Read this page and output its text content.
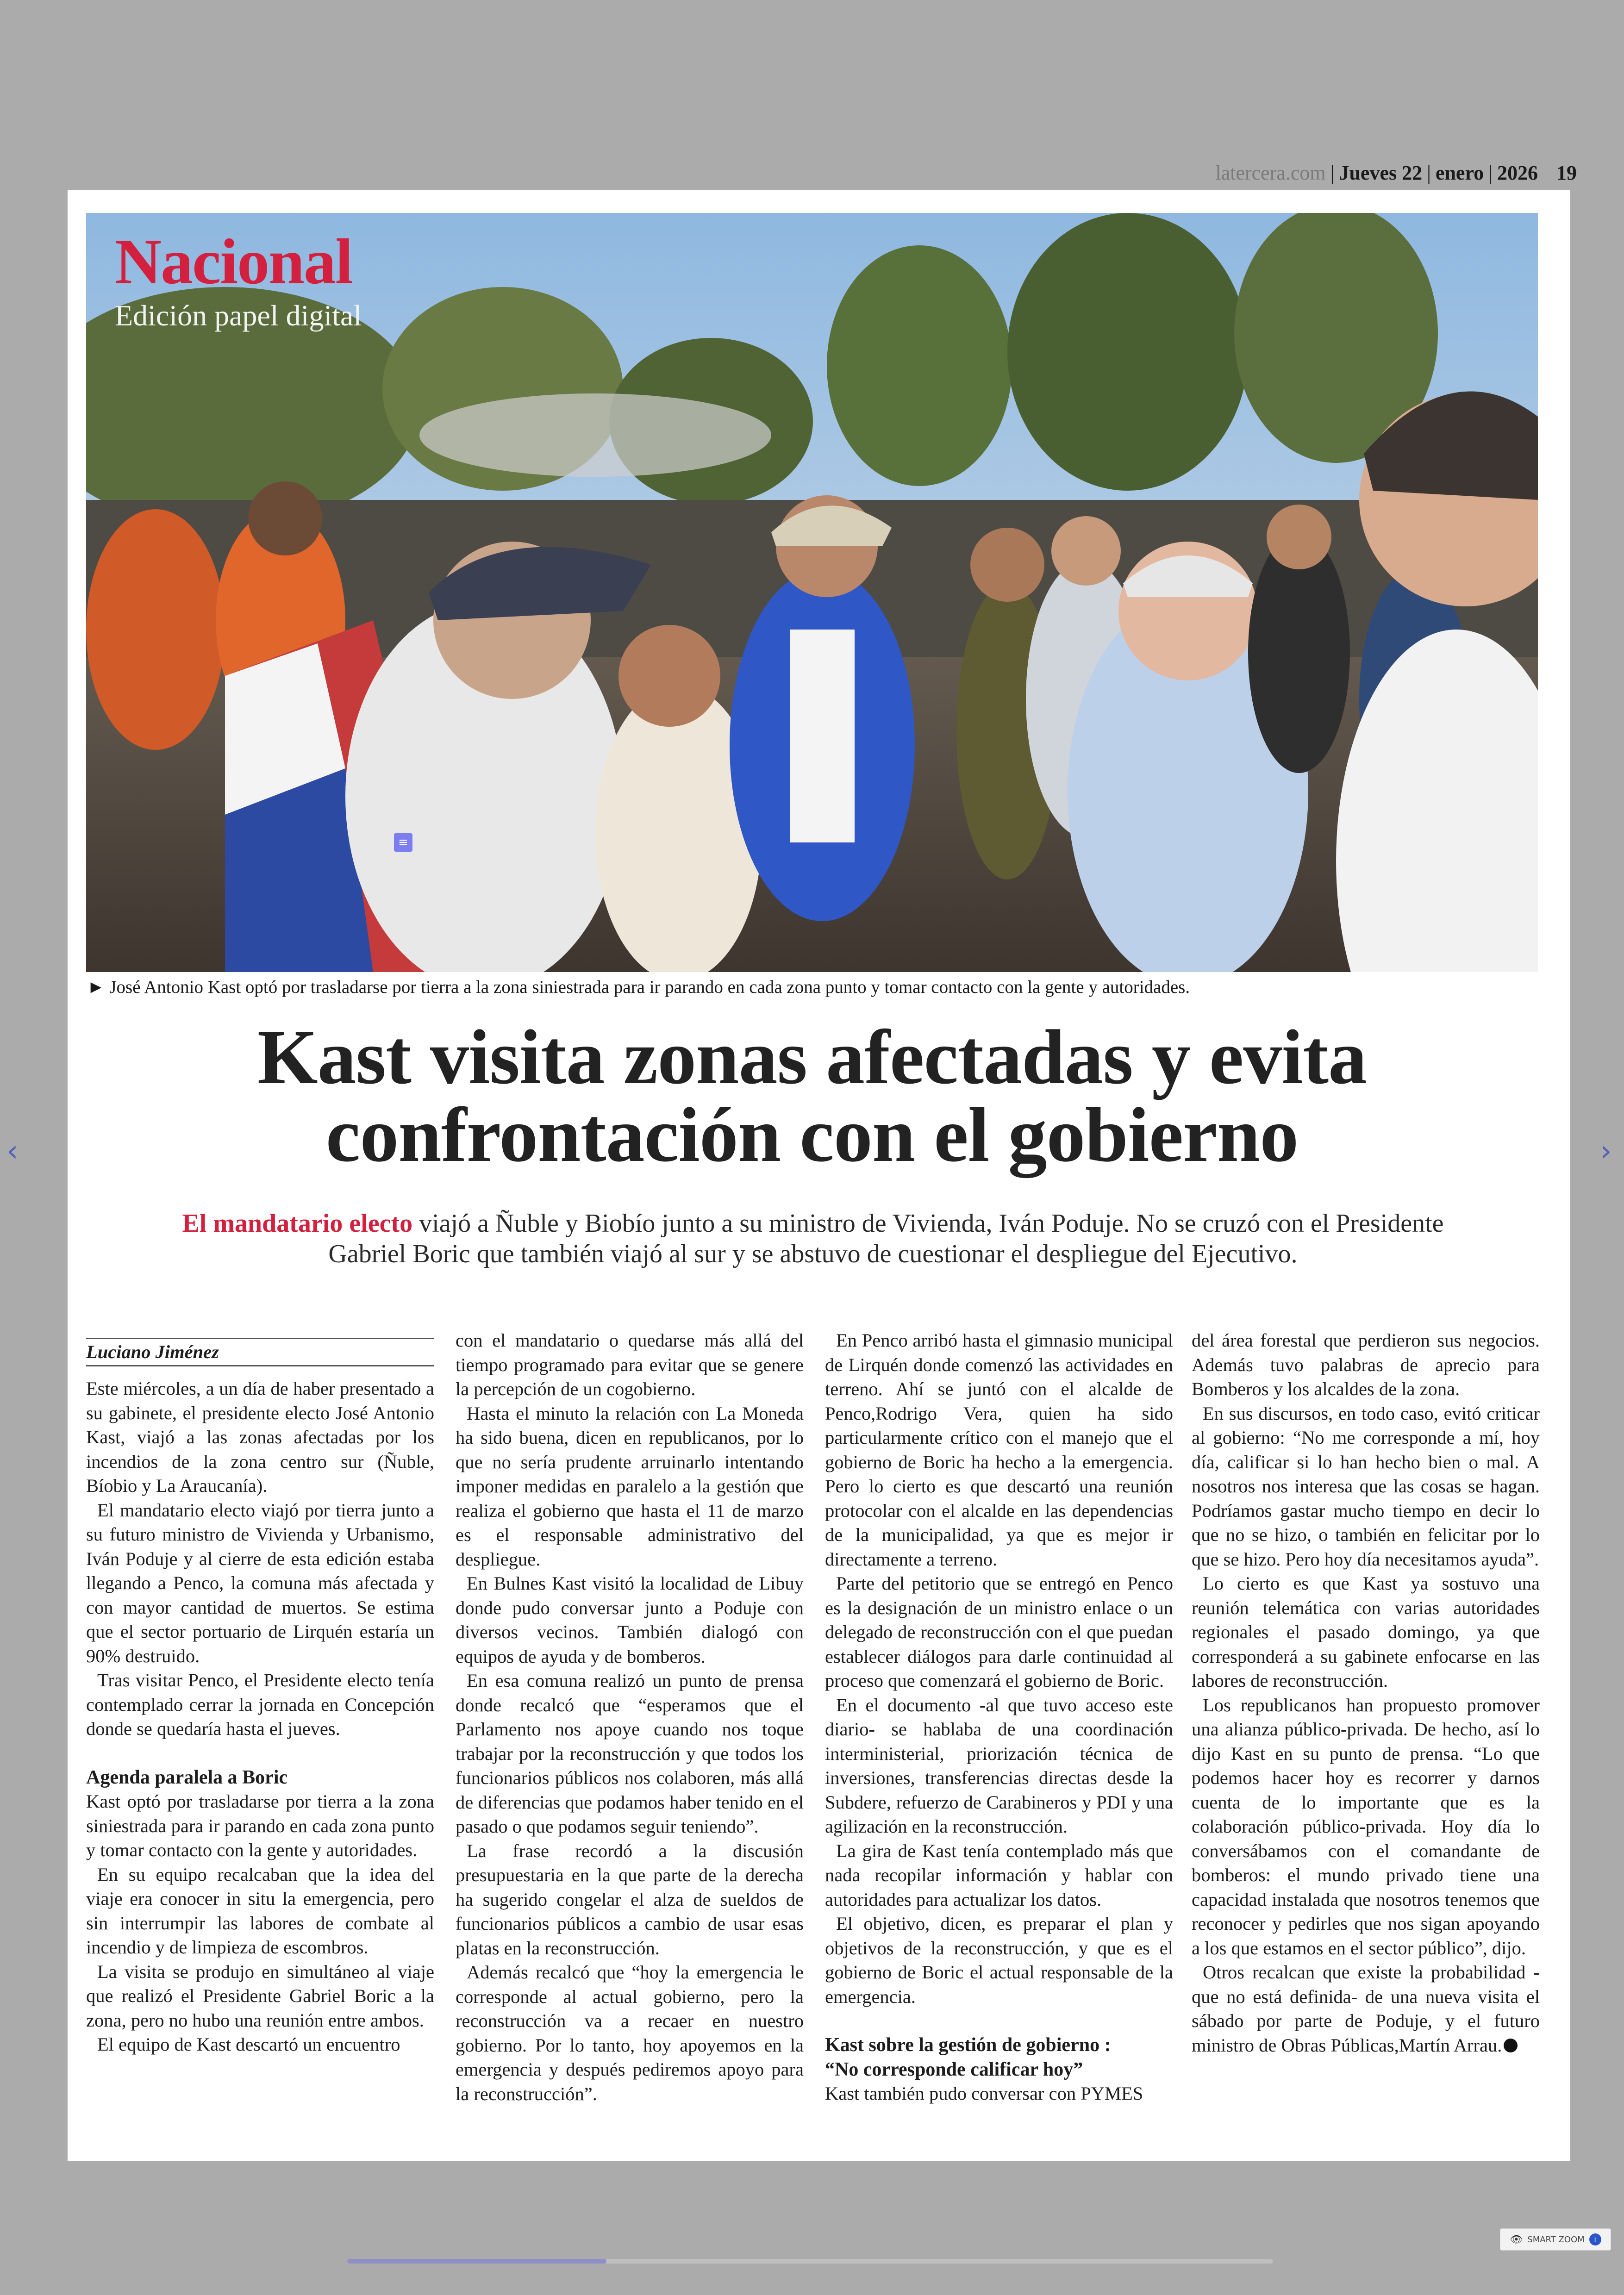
latercera.com | Jueves 22 | enero | 2026 19
‹	›
Nacional
Edición papel digital
≡
► José Antonio Kast optó por trasladarse por tierra a la zona siniestrada para ir parando en cada zona punto y tomar contacto con la gente y autoridades.
Kast visita zonas afectadas y evita
confrontación con el gobierno
El mandatario electo viajó a Ñuble y Biobío junto a su ministro de Vivienda, Iván Poduje. No se cruzó con el Presidente Gabriel Boric que también viajó al sur y se abstuvo de cuestionar el despliegue del Ejecutivo.
Luciano Jiménez

Este miércoles, a un día de haber presentado a su gabinete, el presidente electo José Antonio Kast, viajó a las zonas afectadas por los incendios de la zona centro sur (Ñuble, Bíobio y La Araucanía).

El mandatario electo viajó por tierra junto a su futuro ministro de Vivienda y Urbanismo, Iván Poduje y al cierre de esta edición estaba llegando a Penco, la comuna más afectada y con mayor cantidad de muertos. Se estima que el sector portuario de Lirquén estaría un 90% destruido.

Tras visitar Penco, el Presidente electo tenía contemplado cerrar la jornada en Concepción donde se quedaría hasta el jueves.

Agenda paralela a Boric

Kast optó por trasladarse por tierra a la zona siniestrada para ir parando en cada zona punto y tomar contacto con la gente y autoridades.

En su equipo recalcaban que la idea del viaje era conocer in situ la emergencia, pero sin interrumpir las labores de combate al incendio y de limpieza de escombros.

La visita se produjo en simultáneo al viaje que realizó el Presidente Gabriel Boric a la zona, pero no hubo una reunión entre ambos.

El equipo de Kast descartó un encuentro

con el mandatario o quedarse más allá del tiempo programado para evitar que se genere la percepción de un cogobierno.

Hasta el minuto la relación con La Moneda ha sido buena, dicen en republicanos, por lo que no sería prudente arruinarlo intentando imponer medidas en paralelo a la gestión que realiza el gobierno que hasta el 11 de marzo es el responsable administrativo del despliegue.

En Bulnes Kast visitó la localidad de Libuy donde pudo conversar junto a Poduje con diversos vecinos. También dialogó con equipos de ayuda y de bomberos.

En esa comuna realizó un punto de prensa donde recalcó que “esperamos que el Parlamento nos apoye cuando nos toque trabajar por la reconstrucción y que todos los funcionarios públicos nos colaboren, más allá de diferencias que podamos haber tenido en el pasado o que podamos seguir teniendo”.

La frase recordó a la discusión presupuestaria en la que parte de la derecha ha sugerido congelar el alza de sueldos de funcionarios públicos a cambio de usar esas platas en la reconstrucción.

Además recalcó que “hoy la emergencia le corresponde al actual gobierno, pero la reconstrucción va a recaer en nuestro gobierno. Por lo tanto, hoy apoyemos en la emergencia y después pediremos apoyo para la reconstrucción”.

En Penco arribó hasta el gimnasio municipal de Lirquén donde comenzó las actividades en terreno. Ahí se juntó con el alcalde de Penco,Rodrigo Vera, quien ha sido particularmente crítico con el manejo que el gobierno de Boric ha hecho a la emergencia. Pero lo cierto es que descartó una reunión protocolar con el alcalde en las dependencias de la municipalidad, ya que es mejor ir directamente a terreno.

Parte del petitorio que se entregó en Penco es la designación de un ministro enlace o un delegado de reconstrucción con el que puedan establecer diálogos para darle continuidad al proceso que comenzará el gobierno de Boric.

En el documento -al que tuvo acceso este diario- se hablaba de una coordinación interministerial, priorización técnica de inversiones, transferencias directas desde la Subdere, refuerzo de Carabineros y PDI y una agilización en la reconstrucción.

La gira de Kast tenía contemplado más que nada recopilar información y hablar con autoridades para actualizar los datos.

El objetivo, dicen, es preparar el plan y objetivos de la reconstrucción, y que es el gobierno de Boric el actual responsable de la emergencia.

Kast sobre la gestión de gobierno :
“No corresponde calificar hoy”

Kast también pudo conversar con PYMES

del área forestal que perdieron sus negocios. Además tuvo palabras de aprecio para Bomberos y los alcaldes de la zona.

En sus discursos, en todo caso, evitó criticar al gobierno: “No me corresponde a mí, hoy día, calificar si lo han hecho bien o mal. A nosotros nos interesa que las cosas se hagan. Podríamos gastar mucho tiempo en decir lo que no se hizo, o también en felicitar por lo que se hizo. Pero hoy día necesitamos ayuda”.

Lo cierto es que Kast ya sostuvo una reunión telemática con varias autoridades regionales el pasado domingo, ya que corresponderá a su gabinete enfocarse en las labores de reconstrucción.

Los republicanos han propuesto promover una alianza público-privada. De hecho, así lo dijo Kast en su punto de prensa. “Lo que podemos hacer hoy es recorrer y darnos cuenta de lo importante que es la colaboración público-privada. Hoy día lo conversábamos con el comandante de bomberos: el mundo privado tiene una capacidad instalada que nosotros tenemos que reconocer y pedirles que nos sigan apoyando a los que estamos en el sector público”, dijo.

Otros recalcan que existe la probabilidad -que no está definida- de una nueva visita el sábado por parte de Poduje, y el futuro ministro de Obras Públicas,Martín Arrau.

👁 SMART ZOOM	i
